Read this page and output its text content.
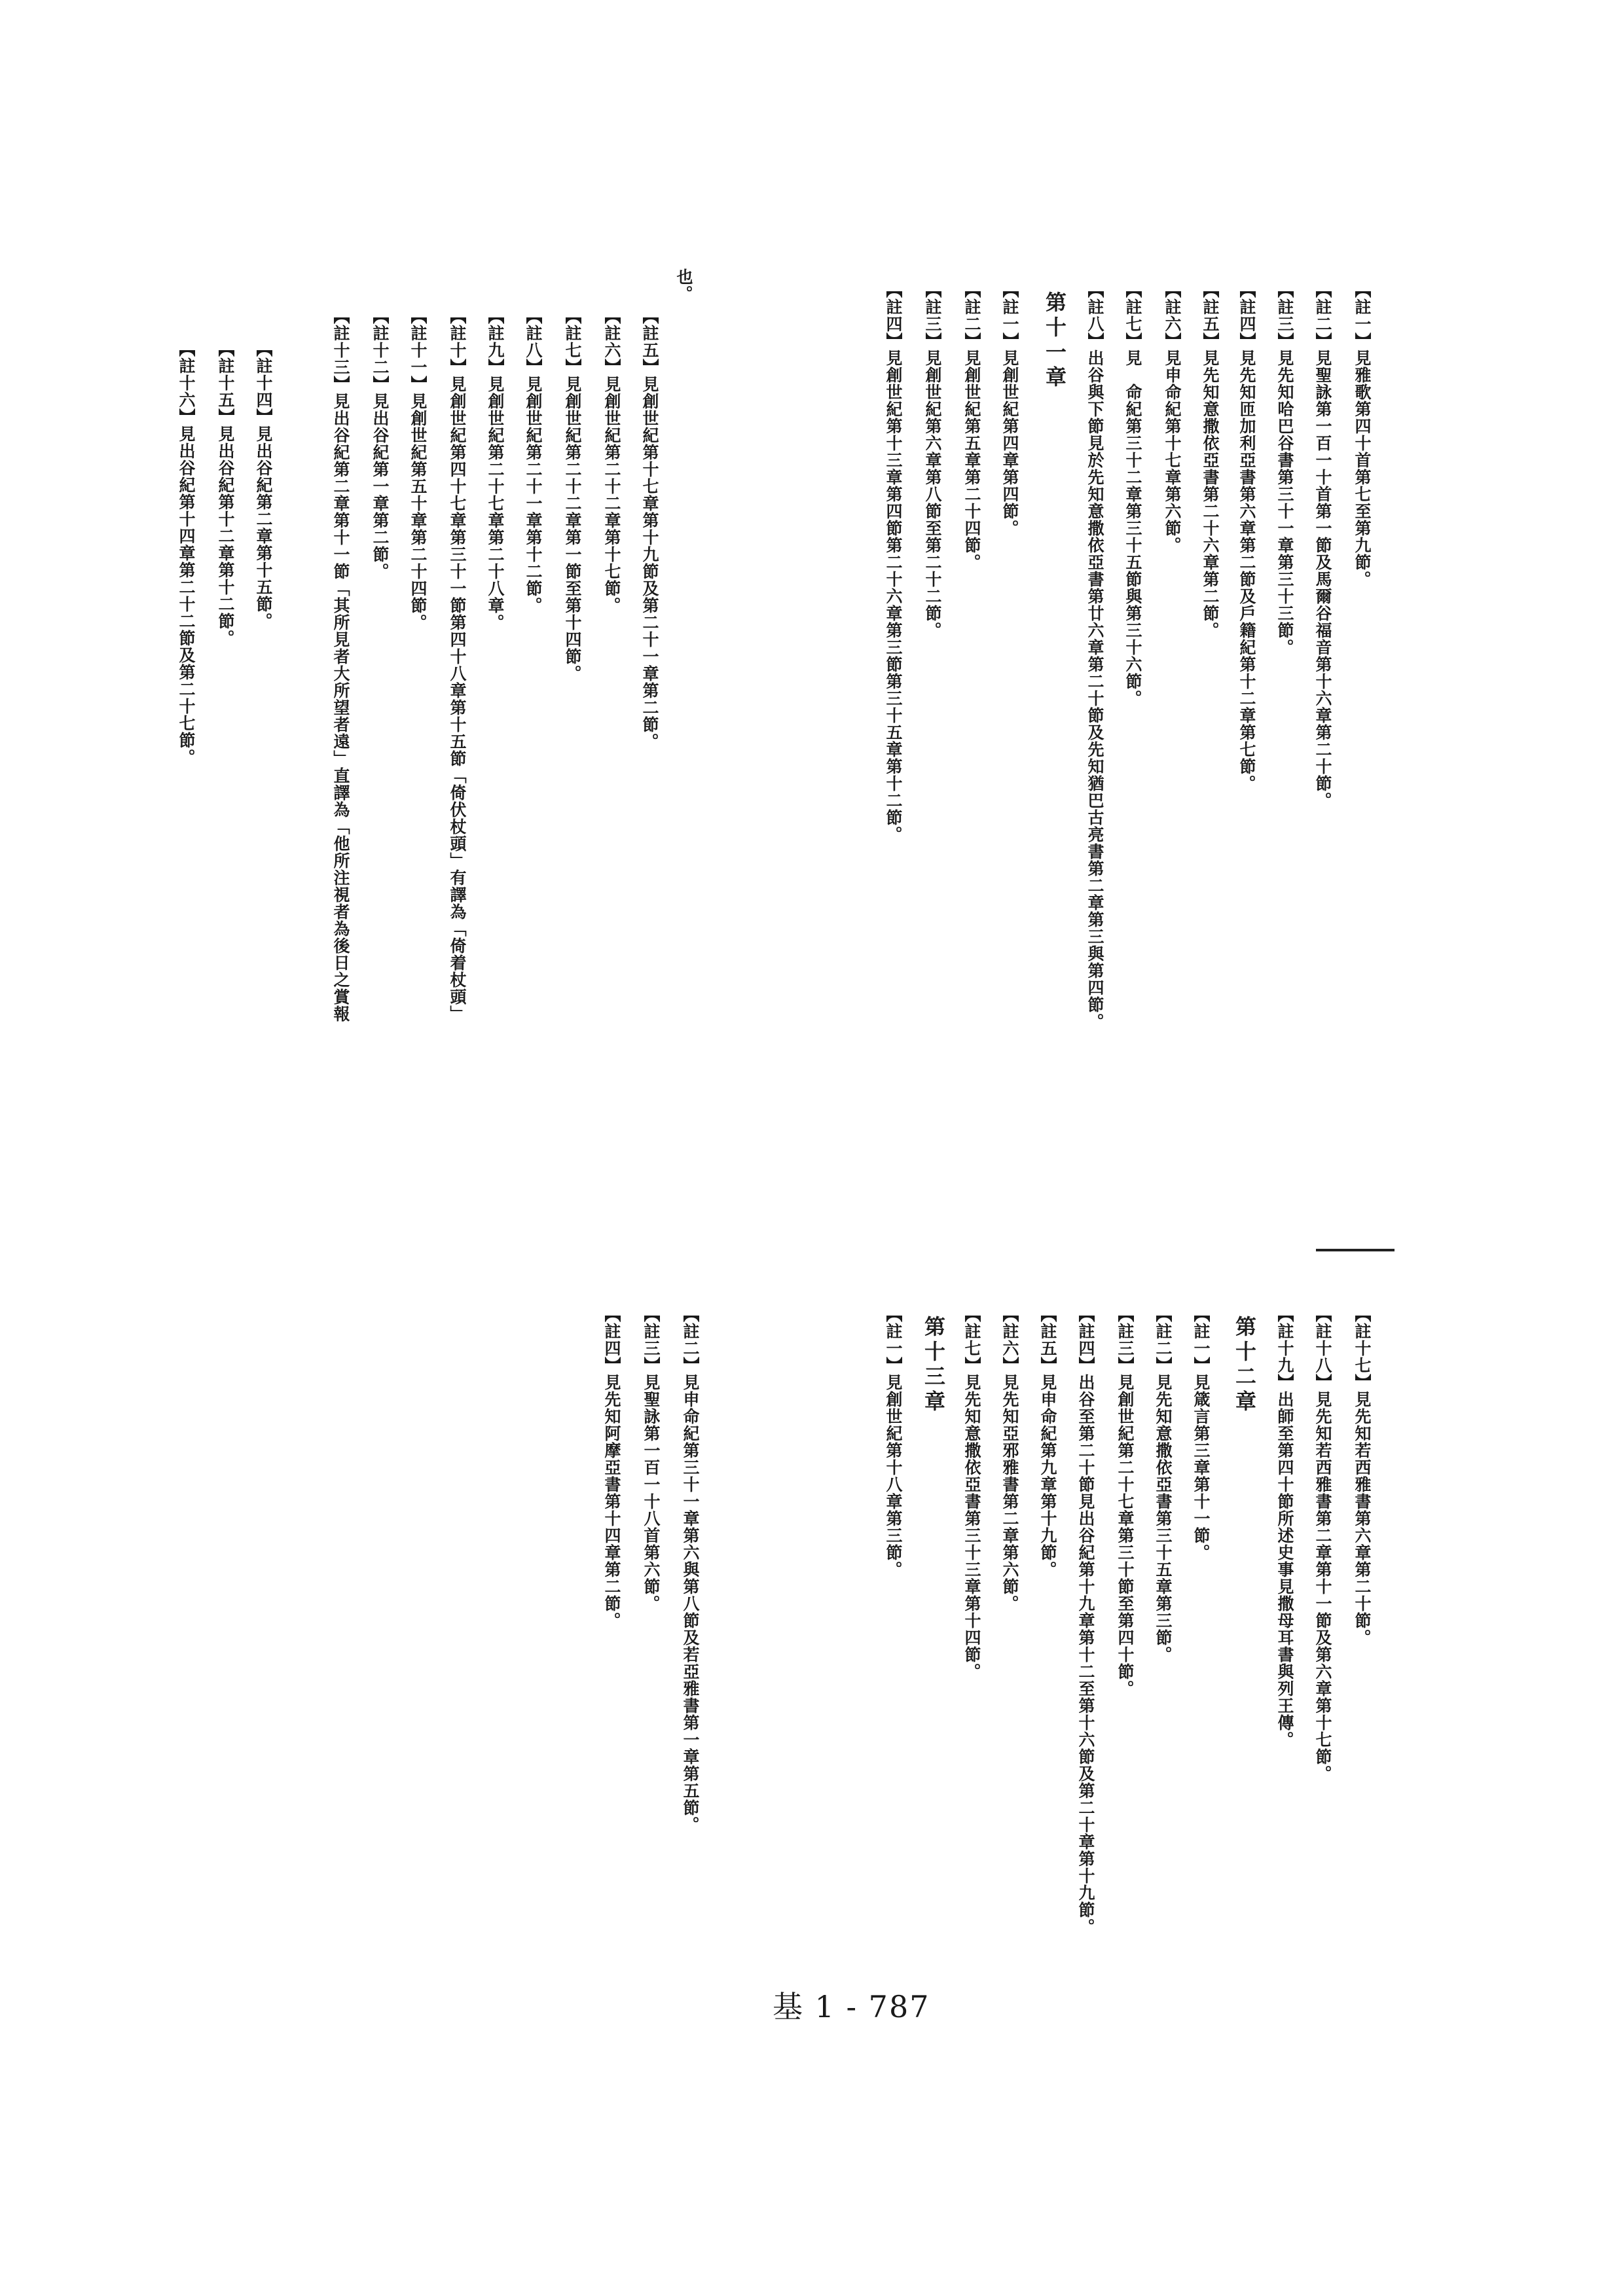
【註一】見雅歌第四十首第七至第九節。
【註二】見聖詠第一百一十首第一節及馬爾谷福音第十六章第二十節。
【註三】見先知哈巴谷書第三十一章第三十三節。
【註四】見先知匝加利亞書第六章第二節及戶籍紀第十二章第七節。
【註五】見先知意撒依亞書第二十六章第二節。
【註六】見申命紀第十七章第六節。
【註七】見　命紀第三十二章第三十五節與第三十六節。
【註八】出谷與下節見於先知意撒依亞書第廿六章第二十節及先知猶巴古亮書第二章第三與第四節。
第十一章
【註一】見創世紀第四章第四節。
【註二】見創世紀第五章第二十四節。
【註三】見創世紀第六章第八節至第二十二節。
【註四】見創世紀第十三章第四節第二十六章第三節第三十五章第十二節。
也。
【註五】見創世紀第十七章第十九節及第二十一章第二節。
【註六】見創世紀第二十二章第十七節。
【註七】見創世紀第二十二章第一節至第十四節。
【註八】見創世紀第二十一章第十二節。
【註九】見創世紀第二十七章第二十八章。
【註十】見創世紀第四十七章第三十一節第四十八章第十五節「倚伏杖頭」有譯為「倚着杖頭」
【註十一】見創世紀第五十章第二十四節。
【註十二】見出谷紀第一章第二節。
【註十三】見出谷紀第二章第十一節「其所見者大所望者遠」直譯為「他所注視者為後日之賞報
【註十四】見出谷紀第二章第十五節。
【註十五】見出谷紀第十二章第十二節。
【註十六】見出谷紀第十四章第二十二節及第二十七節。
【註十七】見先知若西雅書第六章第二十節。
【註十八】見先知若西雅書第二章第十一節及第六章第十七節。
【註十九】出師至第四十節所述史事見撒母耳書與列王傳。
第十二章
【註一】見箴言第三章第十一節。
【註二】見先知意撒依亞書第三十五章第三節。
【註三】見創世紀第二十七章第三十節至第四十節。
【註四】出谷至第二十節見出谷紀第十九章第十二至第十六節及第二十章第十九節。
【註五】見申命紀第九章第十九節。
【註六】見先知亞邪雅書第二章第六節。
【註七】見先知意撒依亞書第三十三章第十四節。
第十三章
【註一】見創世紀第十八章第三節。
【註二】見申命紀第三十一章第六與第八節及若亞雅書第一章第五節。
【註三】見聖詠第一百一十八首第六節。
【註四】見先知阿摩亞書第十四章第二節。
基 1 - 787
